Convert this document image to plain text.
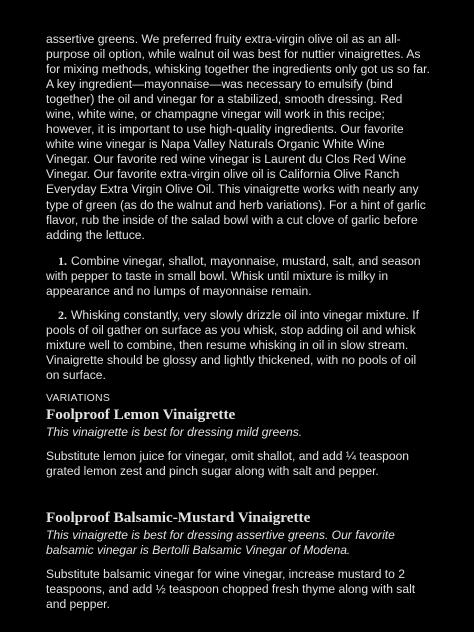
assertive greens. We preferred fruity extra-virgin olive oil as an all-purpose oil option, while walnut oil was best for nuttier vinaigrettes. As for mixing methods, whisking together the ingredients only got us so far. A key ingredient—mayonnaise—was necessary to emulsify (bind together) the oil and vinegar for a stabilized, smooth dressing. Red wine, white wine, or champagne vinegar will work in this recipe; however, it is important to use high-quality ingredients. Our favorite white wine vinegar is Napa Valley Naturals Organic White Wine Vinegar. Our favorite red wine vinegar is Laurent du Clos Red Wine Vinegar. Our favorite extra-virgin olive oil is California Olive Ranch Everyday Extra Virgin Olive Oil. This vinaigrette works with nearly any type of green (as do the walnut and herb variations). For a hint of garlic flavor, rub the inside of the salad bowl with a cut clove of garlic before adding the lettuce.

1. Combine vinegar, shallot, mayonnaise, mustard, salt, and season with pepper to taste in small bowl. Whisk until mixture is milky in appearance and no lumps of mayonnaise remain.

2. Whisking constantly, very slowly drizzle oil into vinegar mixture. If pools of oil gather on surface as you whisk, stop adding oil and whisk mixture well to combine, then resume whisking in oil in slow stream. Vinaigrette should be glossy and lightly thickened, with no pools of oil on surface.

VARIATIONS
Foolproof Lemon Vinaigrette

This vinaigrette is best for dressing mild greens.

Substitute lemon juice for vinegar, omit shallot, and add ¼ teaspoon grated lemon zest and pinch sugar along with salt and pepper.

Foolproof Balsamic-Mustard Vinaigrette

This vinaigrette is best for dressing assertive greens. Our favorite balsamic vinegar is Bertolli Balsamic Vinegar of Modena.

Substitute balsamic vinegar for wine vinegar, increase mustard to 2 teaspoons, and add ½ teaspoon chopped fresh thyme along with salt and pepper.
